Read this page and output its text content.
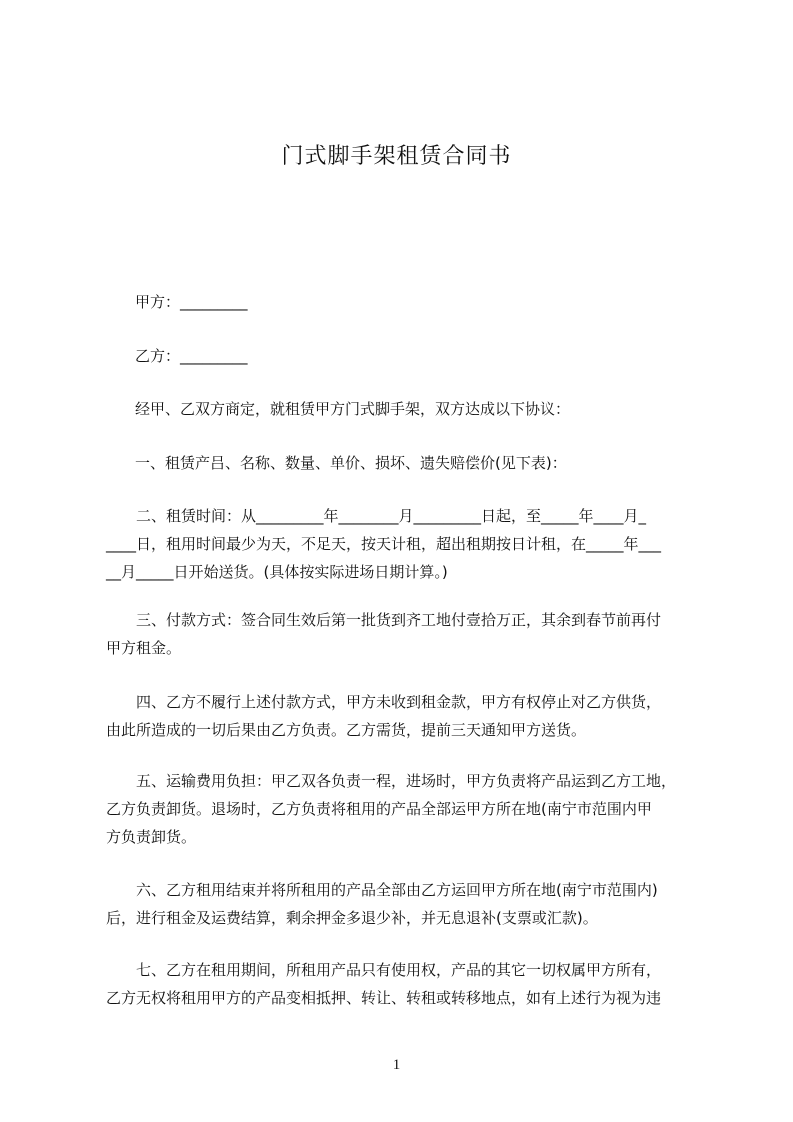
门式脚手架租赁合同书
甲方：_________
乙方：_________
经甲、乙双方商定，就租赁甲方门式脚手架，双方达成以下协议：
一、租赁产吕、名称、数量、单价、损坏、遗失赔偿价(见下表)：
二、租赁时间：从_________年________月_________日起，至_____年____月_
____日，租用时间最少为天，不足天，按天计租，超出租期按日计租，在_____年___
__月_____日开始送货。(具体按实际进场日期计算。)
三、付款方式：签合同生效后第一批货到齐工地付壹拾万正，其余到春节前再付
甲方租金。
四、乙方不履行上述付款方式，甲方未收到租金款，甲方有权停止对乙方供货，
由此所造成的一切后果由乙方负责。乙方需货，提前三天通知甲方送货。
五、运输费用负担：甲乙双各负责一程，进场时，甲方负责将产品运到乙方工地，
乙方负责卸货。退场时，乙方负责将租用的产品全部运甲方所在地(南宁市范围内甲
方负责卸货。
六、乙方租用结束并将所租用的产品全部由乙方运回甲方所在地(南宁市范围内)
后，进行租金及运费结算，剩余押金多退少补，并无息退补(支票或汇款)。
七、乙方在租用期间，所租用产品只有使用权，产品的其它一切权属甲方所有，
乙方无权将租用甲方的产品变相抵押、转让、转租或转移地点，如有上述行为视为违
1
